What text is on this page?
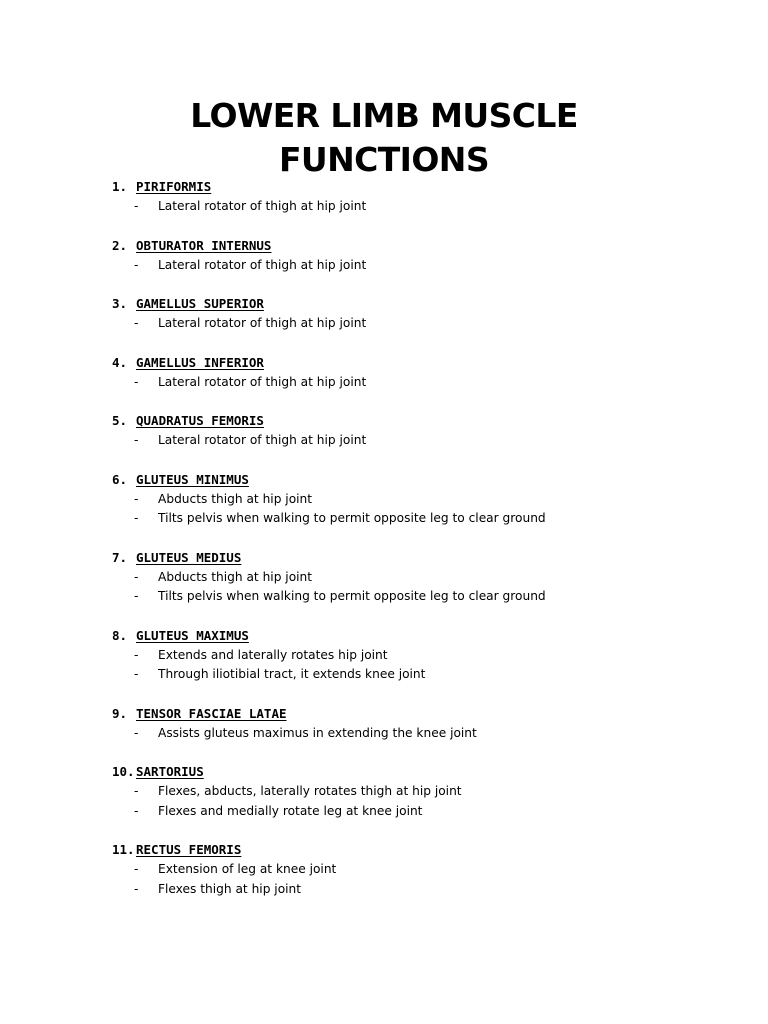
LOWER LIMB MUSCLE
FUNCTIONS
1. PIRIFORMIS
- Lateral rotator of thigh at hip joint
2. OBTURATOR INTERNUS
- Lateral rotator of thigh at hip joint
3. GAMELLUS SUPERIOR
- Lateral rotator of thigh at hip joint
4. GAMELLUS INFERIOR
- Lateral rotator of thigh at hip joint
5. QUADRATUS FEMORIS
- Lateral rotator of thigh at hip joint
6. GLUTEUS MINIMUS
- Abducts thigh at hip joint
- Tilts pelvis when walking to permit opposite leg to clear ground
7. GLUTEUS MEDIUS
- Abducts thigh at hip joint
- Tilts pelvis when walking to permit opposite leg to clear ground
8. GLUTEUS MAXIMUS
- Extends and laterally rotates hip joint
- Through iliotibial tract, it extends knee joint
9. TENSOR FASCIAE LATAE
- Assists gluteus maximus in extending the knee joint
10. SARTORIUS
- Flexes, abducts, laterally rotates thigh at hip joint
- Flexes and medially rotate leg at knee joint
11. RECTUS FEMORIS
- Extension of leg at knee joint
- Flexes thigh at hip joint
